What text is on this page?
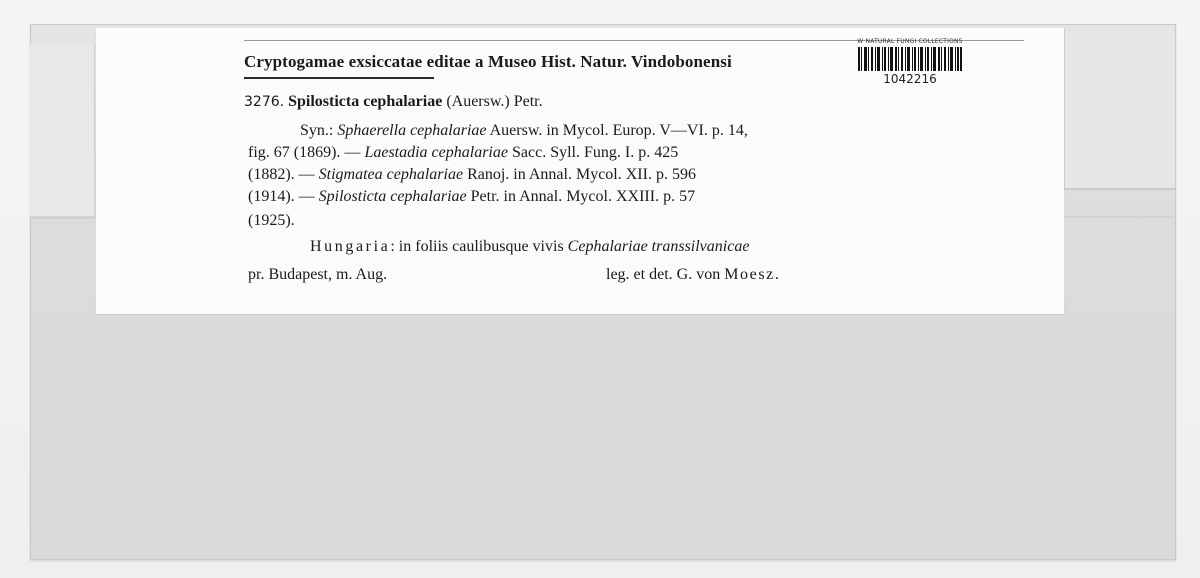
Cryptogamae exsiccatae editae a Museo Hist. Natur. Vindobonensi
W NATURAL FUNGI COLLECTIONS
1042216
3276. Spilosticta cephalariae (Auersw.) Petr.
Syn.: Sphaerella cephalariae Auersw. in Mycol. Europ. V—VI. p. 14,
fig. 67 (1869). — Laestadia cephalariae Sacc. Syll. Fung. I. p. 425
(1882). — Stigmatea cephalariae Ranoj. in Annal. Mycol. XII. p. 596
(1914). — Spilosticta cephalariae Petr. in Annal. Mycol. XXIII. p. 57
(1925).
Hungaria: in foliis caulibusque vivis Cephalariae transsilvanicae
pr. Budapest, m. Aug.	leg. et det. G. von Moesz.
